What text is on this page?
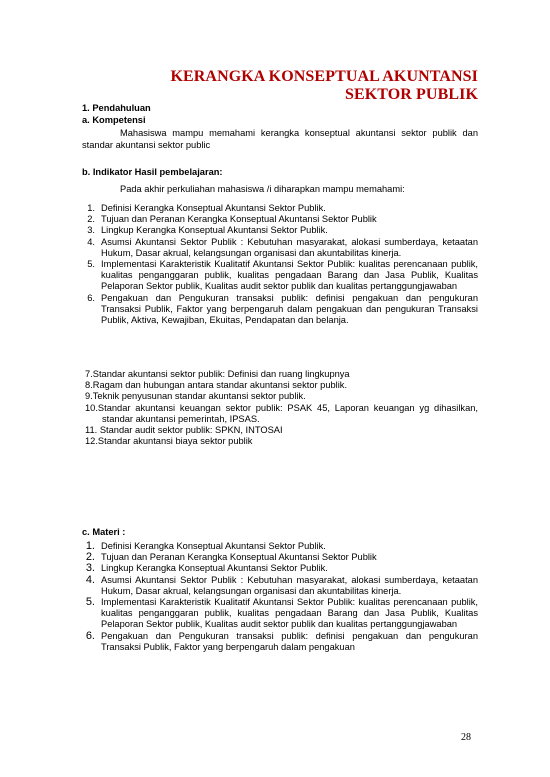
KERANGKA KONSEPTUAL AKUNTANSI
SEKTOR PUBLIK
1. Pendahuluan
a. Kompetensi
Mahasiswa mampu memahami kerangka konseptual akuntansi sektor publik dan standar akuntansi sektor public
b. Indikator Hasil pembelajaran:
Pada akhir perkuliahan mahasiswa /i diharapkan mampu memahami:
1. Definisi Kerangka Konseptual Akuntansi Sektor Publik.
2. Tujuan dan Peranan Kerangka Konseptual Akuntansi Sektor Publik
3. Lingkup Kerangka Konseptual Akuntansi Sektor Publik.
4. Asumsi Akuntansi Sektor Publik : Kebutuhan masyarakat, alokasi sumberdaya, ketaatan Hukum, Dasar akrual, kelangsungan organisasi dan akuntabilitas kinerja.
5. Implementasi Karakteristik Kualitatif Akuntansi Sektor Publik: kualitas perencanaan publik, kualitas penganggaran publik, kualitas pengadaan Barang dan Jasa Publik, Kualitas Pelaporan Sektor publik, Kualitas audit sektor publik dan kualitas pertanggungjawaban
6. Pengakuan dan Pengukuran transaksi publik: definisi pengakuan dan pengukuran Transaksi Publik, Faktor yang berpengaruh dalam pengakuan dan pengukuran Transaksi Publik, Aktiva, Kewajiban, Ekuitas, Pendapatan dan belanja.
7.Standar akuntansi sektor publik: Definisi dan ruang lingkupnya
8.Ragam dan hubungan antara standar akuntansi sektor publik.
9.Teknik penyusunan standar akuntansi sektor publik.
10.Standar akuntansi keuangan sektor publik: PSAK 45, Laporan keuangan yg dihasilkan, standar akuntansi pemerintah, IPSAS.
11. Standar audit sektor publik: SPKN, INTOSAI
12.Standar akuntansi biaya sektor publik
c. Materi :
1. Definisi Kerangka Konseptual Akuntansi Sektor Publik.
2. Tujuan dan Peranan Kerangka Konseptual Akuntansi Sektor Publik
3. Lingkup Kerangka Konseptual Akuntansi Sektor Publik.
4. Asumsi Akuntansi Sektor Publik : Kebutuhan masyarakat, alokasi sumberdaya, ketaatan Hukum, Dasar akrual, kelangsungan organisasi dan akuntabilitas kinerja.
5. Implementasi Karakteristik Kualitatif Akuntansi Sektor Publik: kualitas perencanaan publik, kualitas penganggaran publik, kualitas pengadaan Barang dan Jasa Publik, Kualitas Pelaporan Sektor publik, Kualitas audit sektor publik dan kualitas pertanggungjawaban
6. Pengakuan dan Pengukuran transaksi publik: definisi pengakuan dan pengukuran Transaksi Publik, Faktor yang berpengaruh dalam pengakuan
28
